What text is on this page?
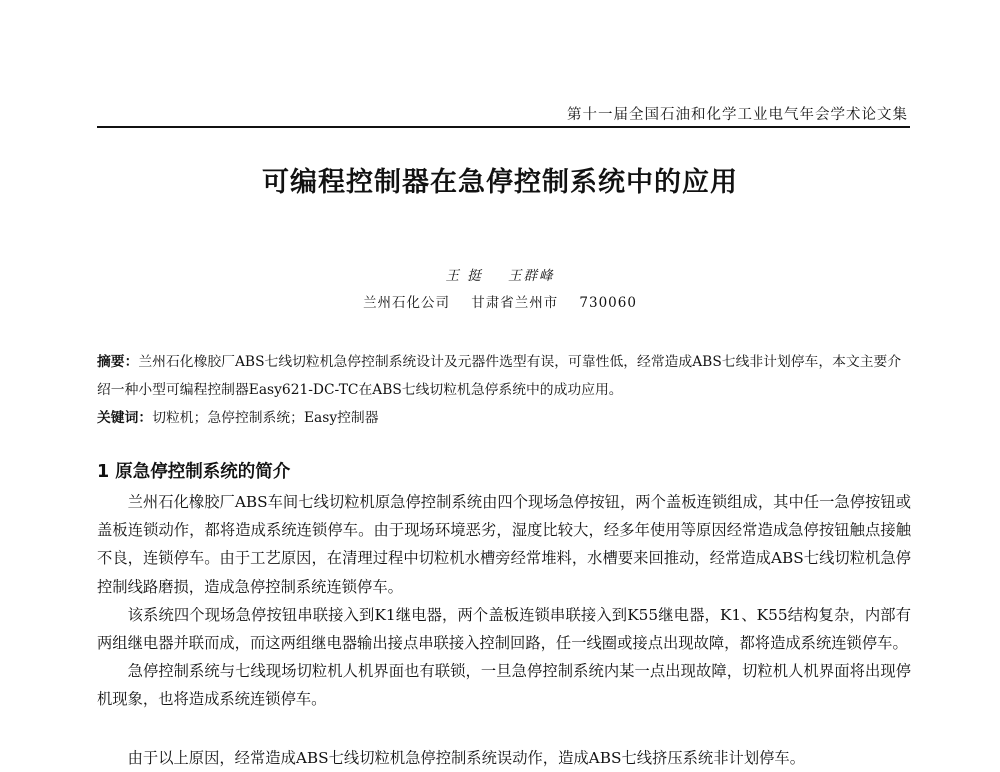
第十一届全国石油和化学工业电气年会学术论文集
可编程控制器在急停控制系统中的应用
王 挺    王群峰
兰州石化公司    甘肃省兰州市    730060

摘要：兰州石化橡胶厂ABS七线切粒机急停控制系统设计及元器件选型有误，可靠性低，经常造成ABS七线非计划停车，本文主要介绍一种小型可编程控制器Easy621-DC-TC在ABS七线切粒机急停系统中的成功应用。

关键词：切粒机；急停控制系统；Easy控制器

1 原急停控制系统的简介

兰州石化橡胶厂ABS车间七线切粒机原急停控制系统由四个现场急停按钮，两个盖板连锁组成，其中任一急停按钮或盖板连锁动作，都将造成系统连锁停车。由于现场环境恶劣，湿度比较大，经多年使用等原因经常造成急停按钮触点接触不良，连锁停车。由于工艺原因，在清理过程中切粒机水槽旁经常堆料，水槽要来回推动，经常造成ABS七线切粒机急停控制线路磨损，造成急停控制系统连锁停车。

该系统四个现场急停按钮串联接入到K1继电器，两个盖板连锁串联接入到K55继电器，K1、K55结构复杂，内部有两组继电器并联而成，而这两组继电器输出接点串联接入控制回路，任一线圈或接点出现故障，都将造成系统连锁停车。

急停控制系统与七线现场切粒机人机界面也有联锁，一旦急停控制系统内某一点出现故障，切粒机人机界面将出现停机现象，也将造成系统连锁停车。

由于以上原因，经常造成ABS七线切粒机急停控制系统误动作，造成ABS七线挤压系统非计划停车。
